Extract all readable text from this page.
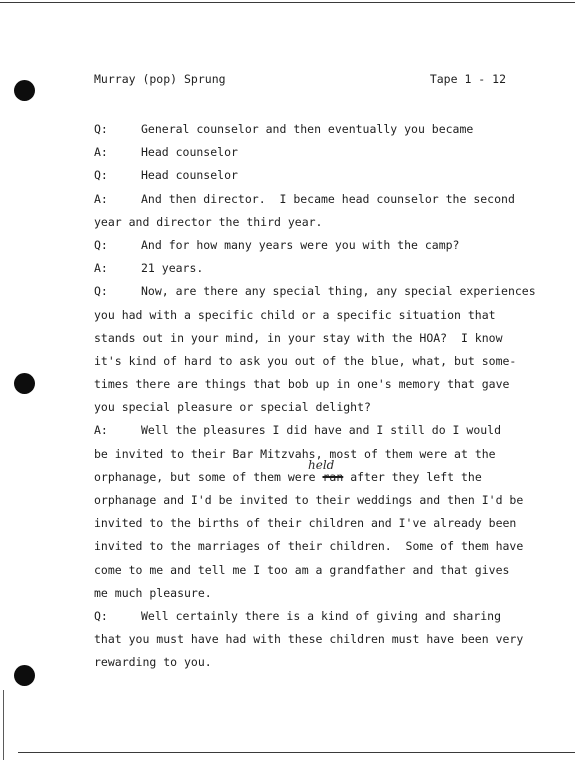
Murray (pop) Sprung

	Tape 1 - 12

Q:	General counselor and then eventually you became
A:	Head counselor
Q:	Head counselor
A:	And then director.  I became head counselor the second
year and director the third year.
Q:	And for how many years were you with the camp?
A:	21 years.
Q:	Now, are there any special thing, any special experiences
you had with a specific child or a specific situation that
stands out in your mind, in your stay with the HOA?  I know
it's kind of hard to ask you out of the blue, what, but some-
times there are things that bob up in one's memory that gave
you special pleasure or special delight?
A:	Well the pleasures I did have and I still do I would
be invited to their Bar Mitzvahs, most of them were at the
orphanage, but some of them were ran after they left the
held
orphanage and I'd be invited to their weddings and then I'd be
invited to the births of their children and I've already been
invited to the marriages of their children.  Some of them have
come to me and tell me I too am a grandfather and that gives
me much pleasure.
Q:	Well certainly there is a kind of giving and sharing
that you must have had with these children must have been very
rewarding to you.
